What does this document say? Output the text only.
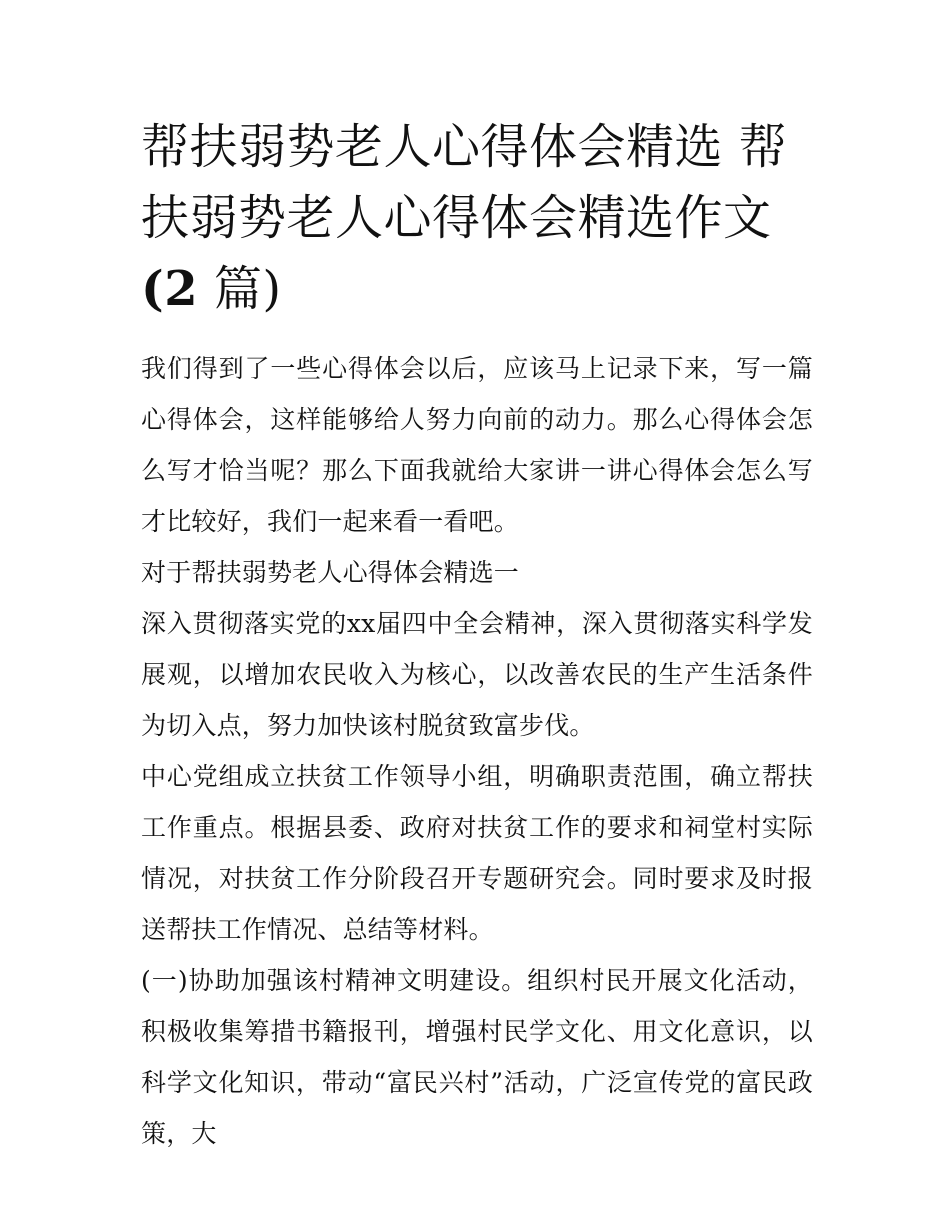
帮扶弱势老人心得体会精选 帮
扶弱势老人心得体会精选作文
(2 篇)

我们得到了一些心得体会以后，应该马上记录下来，写一篇心得体会，这样能够给人努力向前的动力。那么心得体会怎么写才恰当呢？那么下面我就给大家讲一讲心得体会怎么写才比较好，我们一起来看一看吧。

对于帮扶弱势老人心得体会精选一

深入贯彻落实党的xx届四中全会精神，深入贯彻落实科学发展观，以增加农民收入为核心，以改善农民的生产生活条件为切入点，努力加快该村脱贫致富步伐。

中心党组成立扶贫工作领导小组，明确职责范围，确立帮扶工作重点。根据县委、政府对扶贫工作的要求和祠堂村实际情况，对扶贫工作分阶段召开专题研究会。同时要求及时报送帮扶工作情况、总结等材料。

(一)协助加强该村精神文明建设。组织村民开展文化活动，积极收集筹措书籍报刊，增强村民学文化、用文化意识，以科学文化知识，带动“富民兴村”活动，广泛宣传党的富民政策，大
